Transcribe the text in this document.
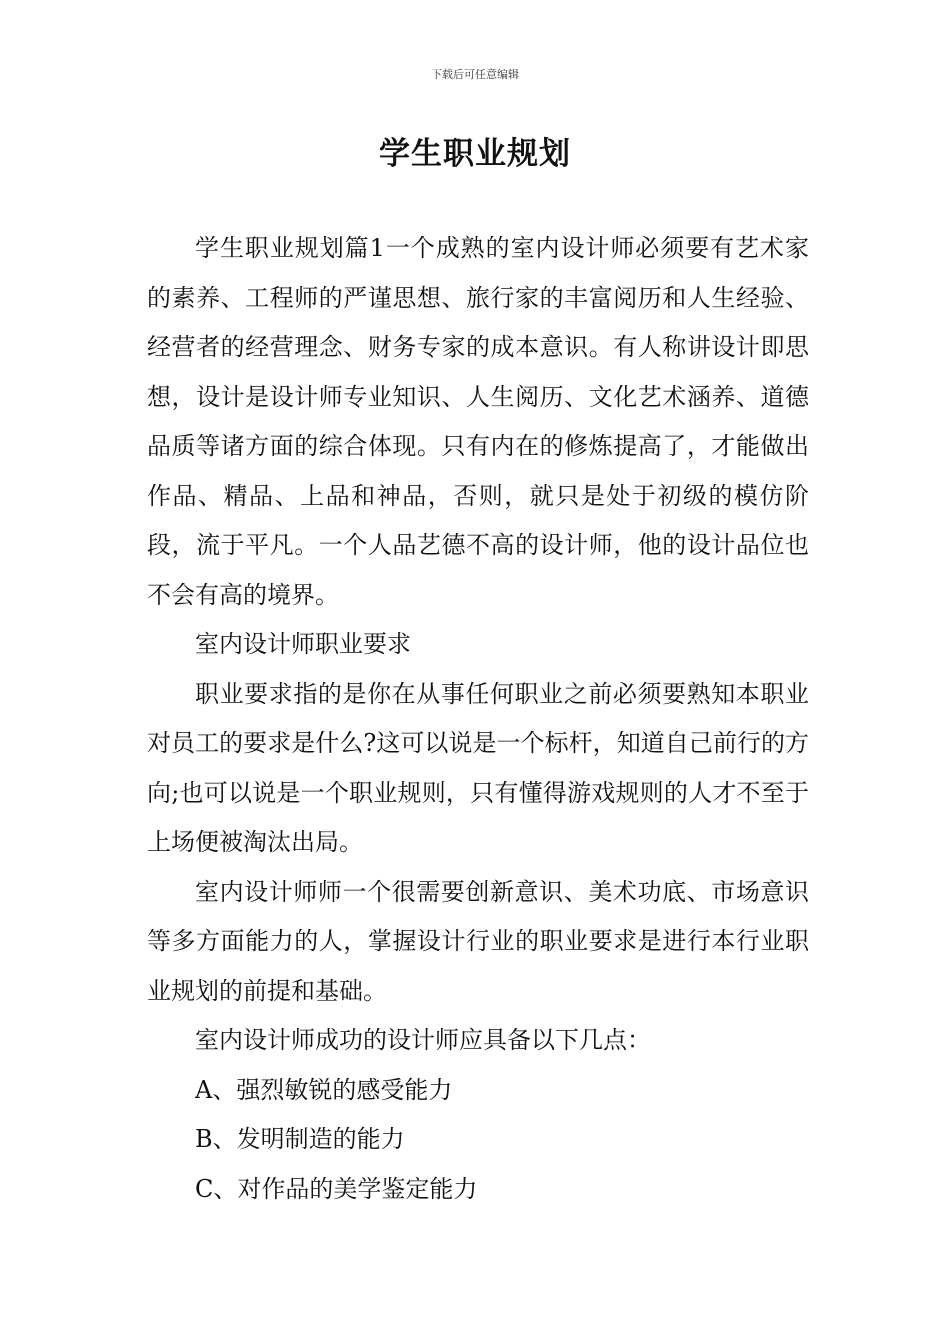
下载后可任意编辑
学生职业规划

学生职业规划篇1一个成熟的室内设计师必须要有艺术家的素养、工程师的严谨思想、旅行家的丰富阅历和人生经验、经营者的经营理念、财务专家的成本意识。有人称讲设计即思想，设计是设计师专业知识、人生阅历、文化艺术涵养、道德品质等诸方面的综合体现。只有内在的修炼提高了，才能做出作品、精品、上品和神品，否则，就只是处于初级的模仿阶段，流于平凡。一个人品艺德不高的设计师，他的设计品位也不会有高的境界。

室内设计师职业要求

职业要求指的是你在从事任何职业之前必须要熟知本职业对员工的要求是什么?这可以说是一个标杆，知道自己前行的方向;也可以说是一个职业规则，只有懂得游戏规则的人才不至于上场便被淘汰出局。

室内设计师师一个很需要创新意识、美术功底、市场意识等多方面能力的人，掌握设计行业的职业要求是进行本行业职业规划的前提和基础。

室内设计师成功的设计师应具备以下几点：

A、强烈敏锐的感受能力

B、发明制造的能力

C、对作品的美学鉴定能力
